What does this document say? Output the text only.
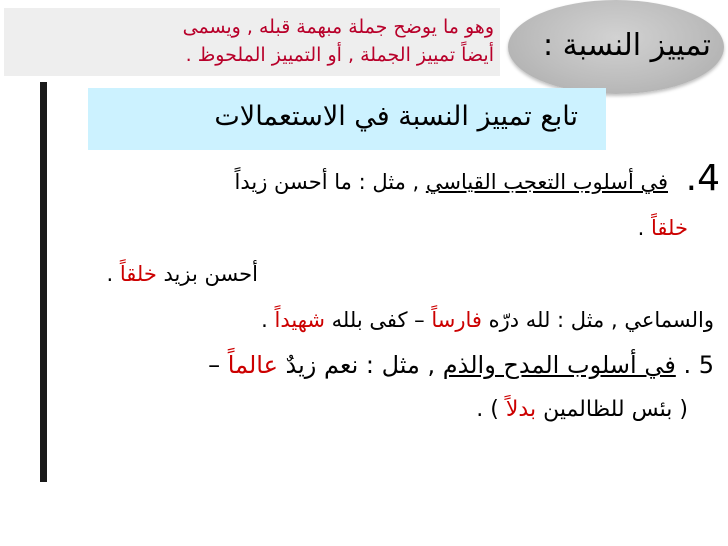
تمييز النسبة :
وهو ما يوضح جملة مبهمة قبله , ويسمى
أيضاً تمييز الجملة , أو التمييز الملحوظ .
تابع تمييز النسبة في الاستعمالات
4.
في أسلوب التعجب القياسي , مثل : ما أحسن زيداً
خلقاً .
أحسن بزيد خلقاً .
والسماعي , مثل : لله درّه فارساً – كفى بلله شهيداً .
5 . في أسلوب المدح والذم , مثل : نعم زيدٌ عالماً –
( بئس للظالمين بدلاً ) .
